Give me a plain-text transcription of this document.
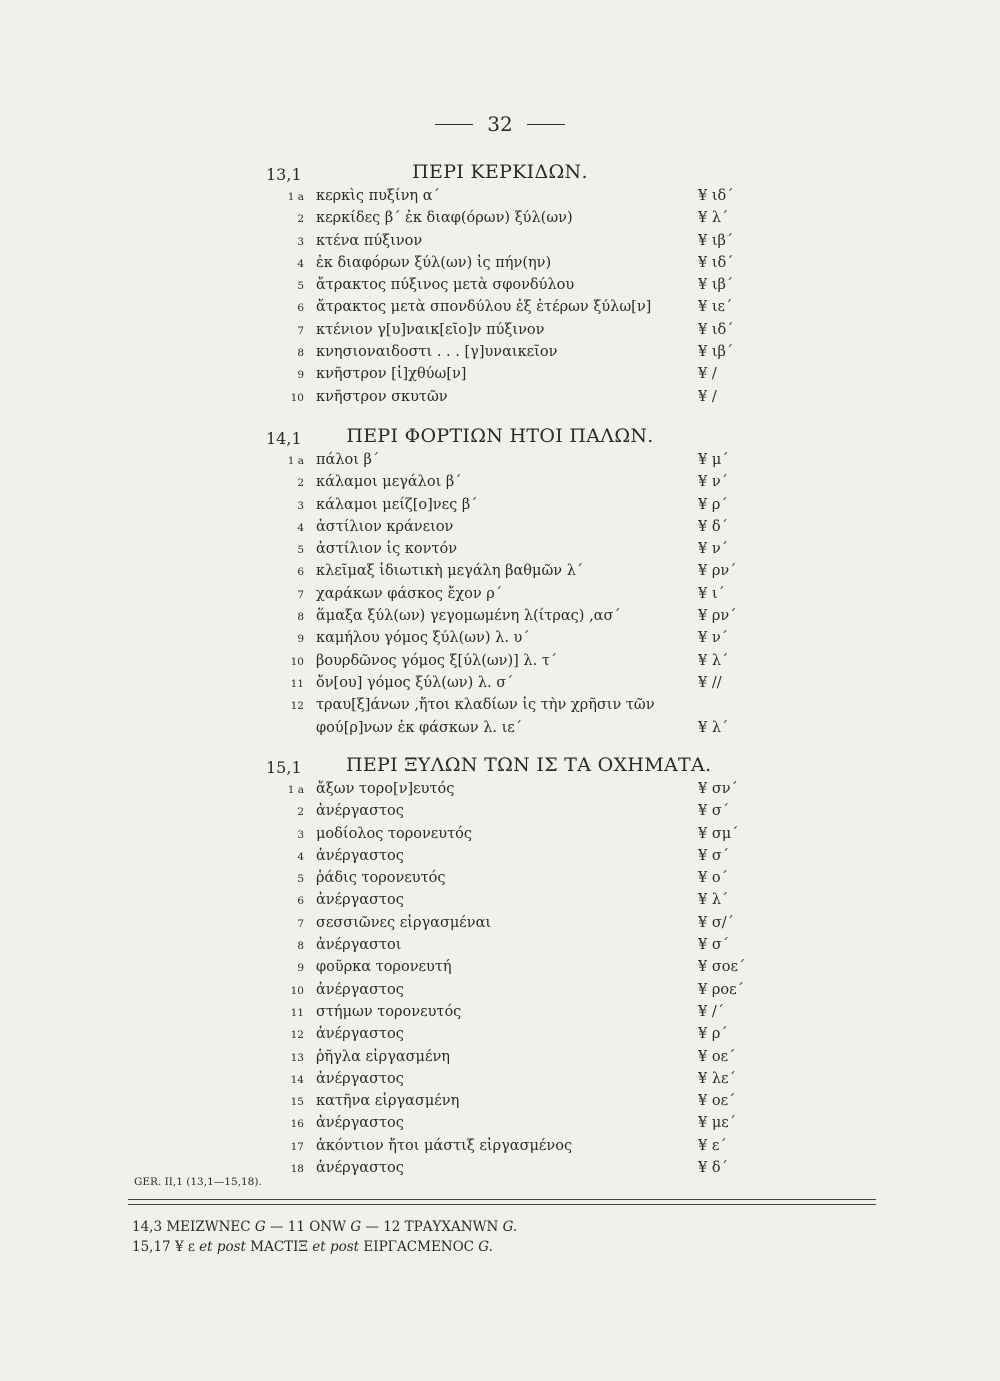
32
13,1	ΠΕΡΙ ΚΕΡΚΙΔΩΝ.
1 a κερκὶς πυξίνη α΄	¥ ιδ΄
2 κερκίδες β΄ ἐκ διαφ(όρων) ξύλ(ων)	¥ λ΄
3 κτένα πύξινον	¥ ιβ΄
4 ἐκ διαφόρων ξύλ(ων) ἰς πήν(ην)	¥ ιδ΄
5 ἄτρακτος πύξινος μετὰ σφονδύλου	¥ ιβ΄
6 ἄτρακτος μετὰ σπονδύλου ἐξ ἑτέρων ξύλω[ν]	¥ ιε΄
7 κτένιον γ[υ]ναικ[εῖο]ν πύξινον	¥ ιδ΄
8 κνησιοναιδοστι . . . [γ]υναικεῖον	¥ ιβ΄
9 κνῆστρον [ἰ]χθύω[ν]	¥ /
10 κνῆστρον σκυτῶν	¥ /
14,1	ΠΕΡΙ ΦΟΡΤΙΩΝ ΗΤΟΙ ΠΑΛΩΝ.
1 a πάλοι β΄	¥ μ΄
2 κάλαμοι μεγάλοι β΄	¥ ν΄
3 κάλαμοι μείζ[ο]νες β΄	¥ ρ΄
4 ἀστίλιον κράνειον	¥ δ΄
5 ἀστίλιον ἰς κοντόν	¥ ν΄
6 κλεῖμαξ ἰδιωτικὴ μεγάλη βαθμῶν λ΄	¥ ρν΄
7 χαράκων φάσκος ἔχον ρ΄	¥ ι΄
8 ἅμαξα ξύλ(ων) γεγομωμένη λ(ίτρας) ‚ασ΄	¥ ρν΄
9 καμήλου γόμος ξύλ(ων) λ. υ΄	¥ ν΄
10 βουρδῶνος γόμος ξ[ύλ(ων)] λ. τ΄	¥ λ΄
11 ὄν[ου] γόμος ξύλ(ων) λ. σ΄	¥ //
12 τραυ[ξ]άνων ‚ἤτοι κλαδίων ἰς τὴν χρῆσιν τῶν
φού[ρ]νων ἐκ φάσκων λ. ιε΄	¥ λ΄
15,1 ΠΕΡΙ ΞΥΛΩΝ ΤΩΝ ΙΣ ΤΑ ΟΧΗΜΑΤΑ.
1 a ἄξων τορο[ν]ευτός	¥ σν΄
2 ἀνέργαστος	¥ σ΄
3 μοδίολος τορονευτός	¥ σμ΄
4 ἀνέργαστος	¥ σ΄
5 ῥάδις τορονευτός	¥ ο΄
6 ἀνέργαστος	¥ λ΄
7 σεσσιῶνες εἰργασμέναι	¥ σ/΄
8 ἀνέργαστοι	¥ σ΄
9 φοῦρκα τορονευτή	¥ σοε΄
10 ἀνέργαστος	¥ ροε΄
11 στήμων τορονευτός	¥ /΄
12 ἀνέργαστος	¥ ρ΄
13 ῥῆγλα εἰργασμένη	¥ οε΄
14 ἀνέργαστος	¥ λε΄
15 κατῆνα εἰργασμένη	¥ οε΄
16 ἀνέργαστος	¥ με΄
17 ἀκόντιον ἤτοι μάστιξ εἰργασμένος	¥ ε΄
18 ἀνέργαστος	¥ δ΄
GER. II,1 (13,1—15,18).
14,3 ΜΕΙΖWΝΕC G — 11 ΟΝW G — 12 ΤΡΑΥΧΑΝWΝ G.
15,17 ¥ ε et post ΜΑCΤΙΞ et post ΕΙΡΓΑCΜΕΝΟC G.
